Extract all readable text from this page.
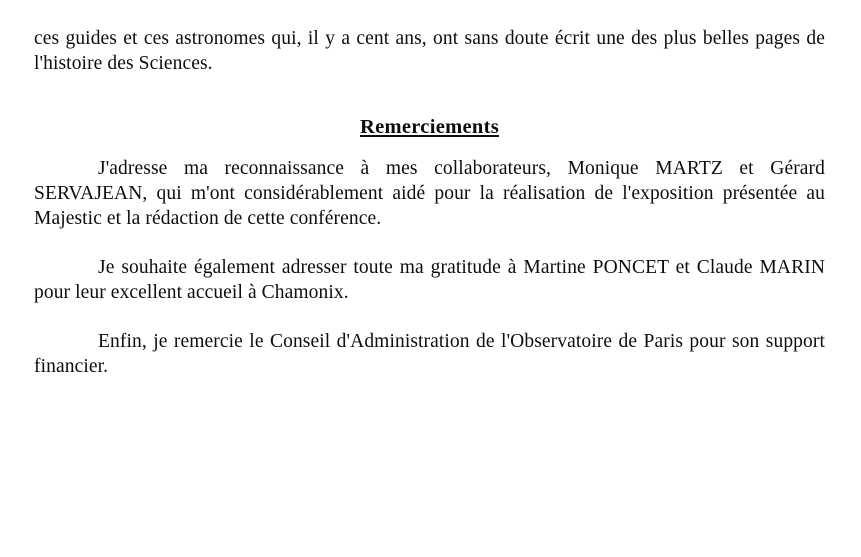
ces guides et ces astronomes qui, il y a cent ans, ont sans doute écrit une des plus belles pages de l'histoire des Sciences.

Remerciements

J'adresse ma reconnaissance à mes collaborateurs, Monique MARTZ et Gérard SERVAJEAN, qui m'ont considérablement aidé pour la réalisation de l'exposition présentée au Majestic et la rédaction de cette conférence.

Je souhaite également adresser toute ma gratitude à Martine PONCET et Claude MARIN pour leur excellent accueil à Chamonix.

Enfin, je remercie le Conseil d'Administration de l'Observatoire de Paris pour son support financier.
